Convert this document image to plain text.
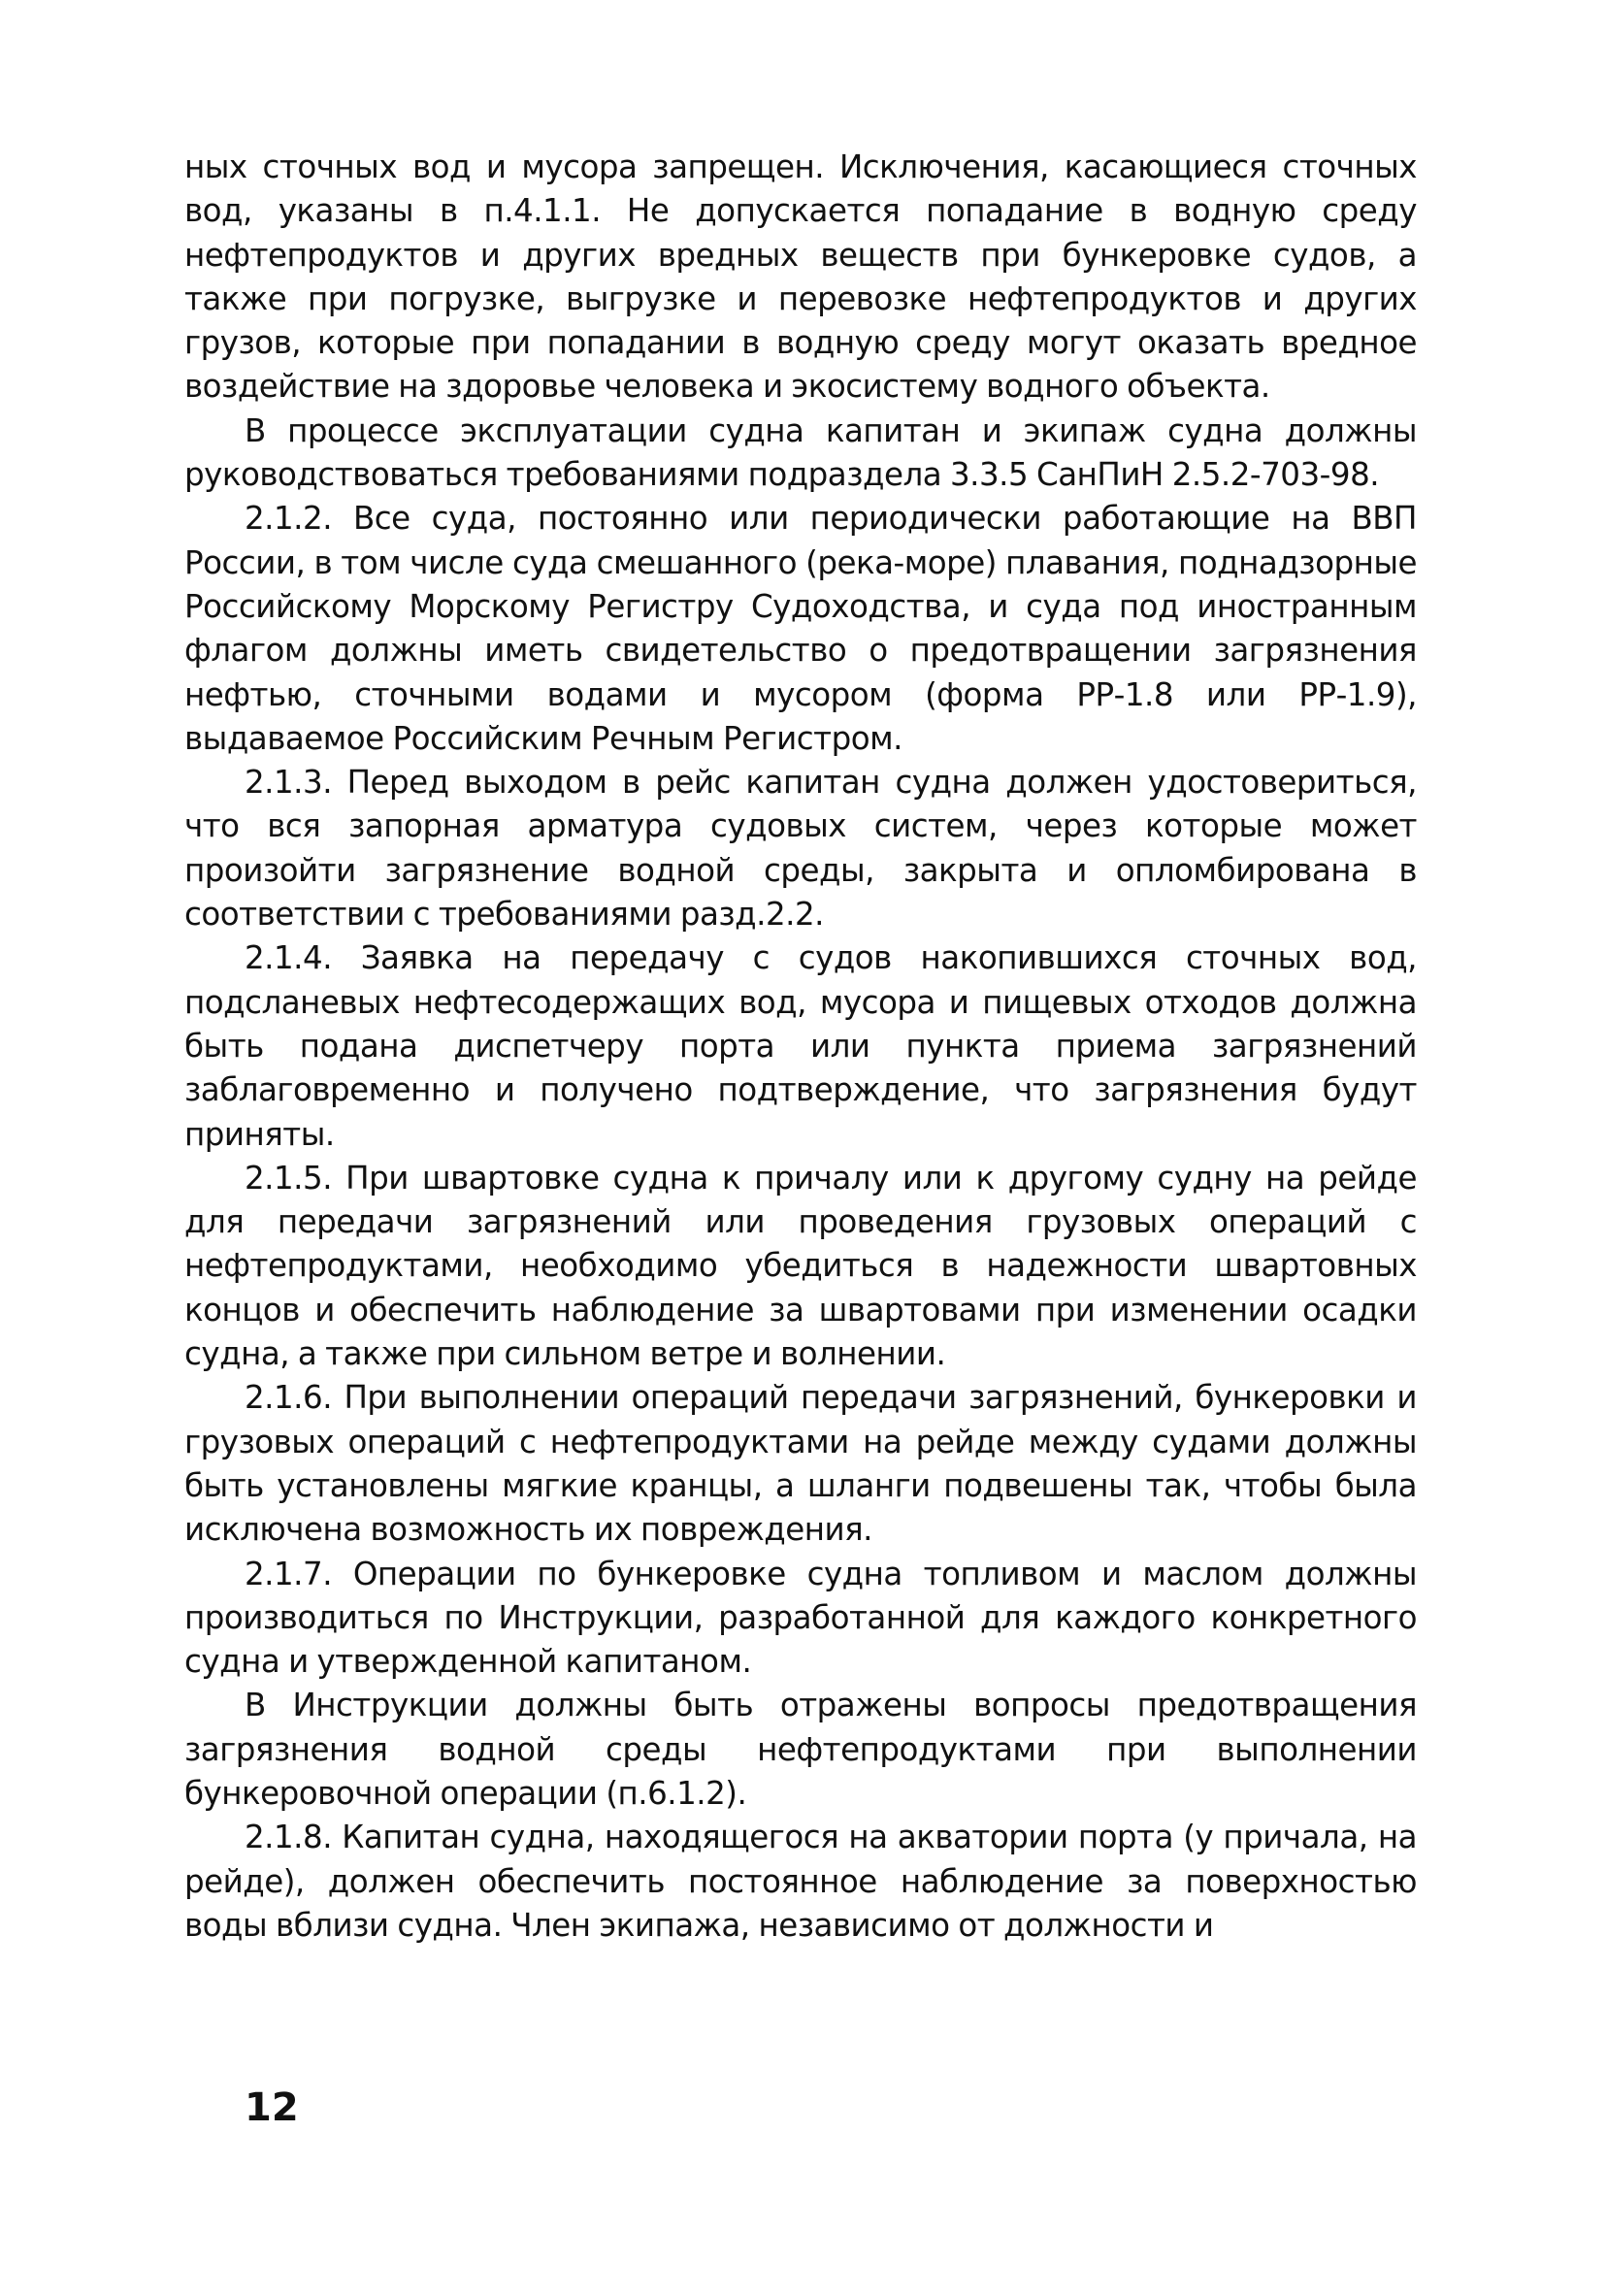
ных сточных вод и мусора запрещен. Исключения, касающиеся сточных вод, указаны в п.4.1.1. Не допускается попадание в водную среду нефтепродуктов и других вредных веществ при бункеровке судов, а также при погрузке, выгрузке и перевозке нефтепродуктов и других грузов, которые при попадании в водную среду могут оказать вредное воздействие на здоровье человека и экосистему водного объекта.

В процессе эксплуатации судна капитан и экипаж судна должны руководствоваться требованиями подраздела 3.3.5 СанПиН 2.5.2-703-98.

2.1.2. Все суда, постоянно или периодически работающие на ВВП России, в том числе суда смешанного (река-море) плавания, поднадзорные Российскому Морскому Регистру Судоходства, и суда под иностранным флагом должны иметь свидетельство о предотвращении загрязнения нефтью, сточными водами и мусором (форма РР-1.8 или РР-1.9), выдаваемое Российским Речным Регистром.

2.1.3. Перед выходом в рейс капитан судна должен удостовериться, что вся запорная арматура судовых систем, через которые может произойти загрязнение водной среды, закрыта и опломбирована в соответствии с требованиями разд.2.2.

2.1.4. Заявка на передачу с судов накопившихся сточных вод, подсланевых нефтесодержащих вод, мусора и пищевых отходов должна быть подана диспетчеру порта или пункта приема загрязнений заблаговременно и получено подтверждение, что загрязнения будут приняты.

2.1.5. При швартовке судна к причалу или к другому судну на рейде для передачи загрязнений или проведения грузовых операций с нефтепродуктами, необходимо убедиться в надежности швартовных концов и обеспечить наблюдение за швартовами при изменении осадки судна, а также при сильном ветре и волнении.

2.1.6. При выполнении операций передачи загрязнений, бункеровки и грузовых операций с нефтепродуктами на рейде между судами должны быть установлены мягкие кранцы, а шланги подвешены так, чтобы была исключена возможность их повреждения.

2.1.7. Операции по бункеровке судна топливом и маслом должны производиться по Инструкции, разработанной для каждого конкретного судна и утвержденной капитаном.

В Инструкции должны быть отражены вопросы предотвращения загрязнения водной среды нефтепродуктами при выполнении бункеровочной операции (п.6.1.2).

2.1.8. Капитан судна, находящегося на акватории порта (у причала, на рейде), должен обеспечить постоянное наблюдение за поверхностью воды вблизи судна. Член экипажа, независимо от должности и

12
